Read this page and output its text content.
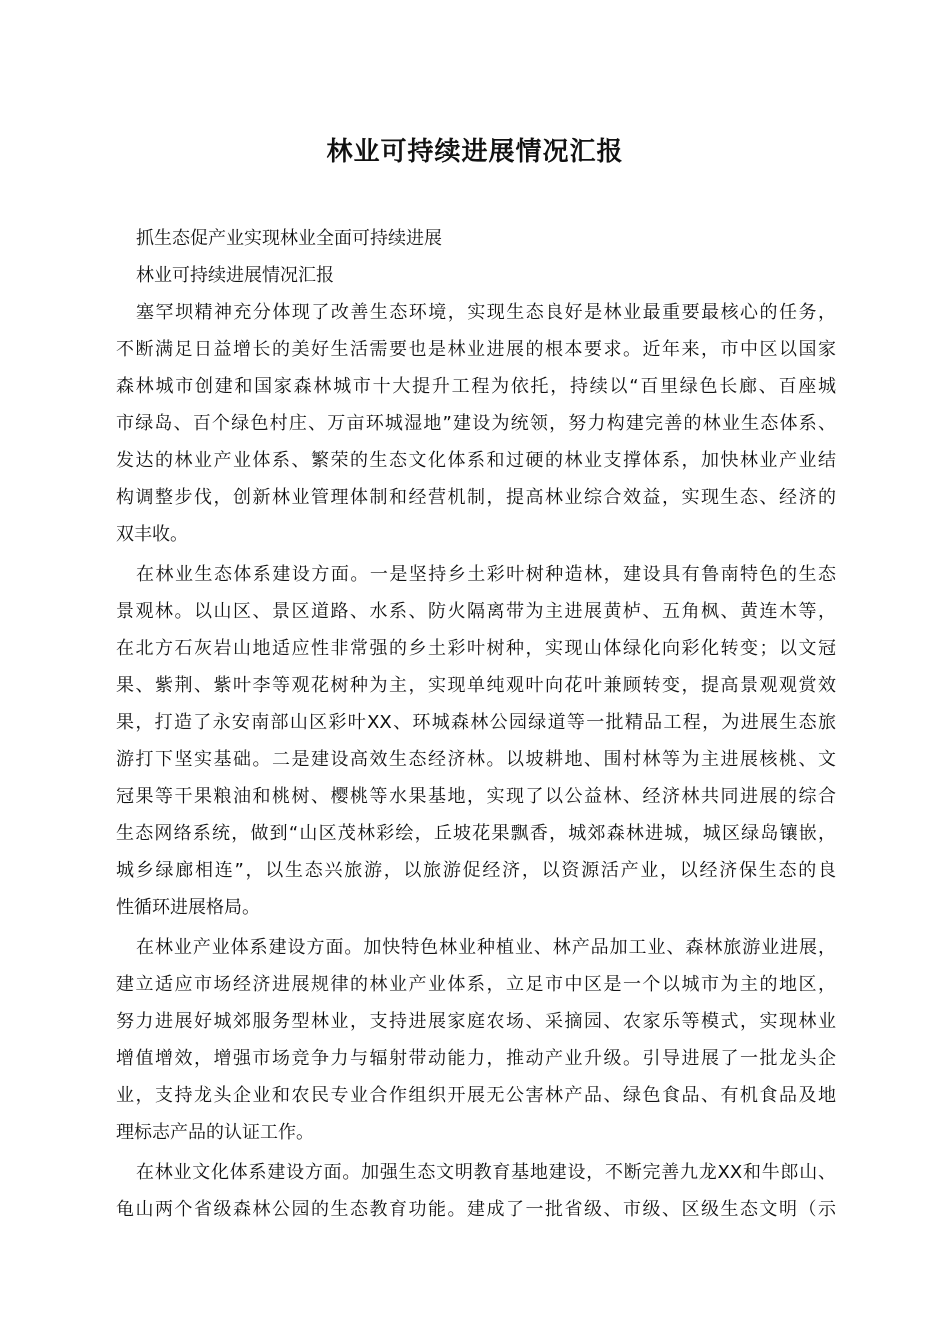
林业可持续进展情况汇报
抓生态促产业实现林业全面可持续进展
林业可持续进展情况汇报
塞罕坝精神充分体现了改善生态环境，实现生态良好是林业最重要最核心的任务，
不断满足日益增长的美好生活需要也是林业进展的根本要求。近年来，市中区以国家
森林城市创建和国家森林城市十大提升工程为依托，持续以“百里绿色长廊、百座城
市绿岛、百个绿色村庄、万亩环城湿地”建设为统领，努力构建完善的林业生态体系、
发达的林业产业体系、繁荣的生态文化体系和过硬的林业支撑体系，加快林业产业结
构调整步伐，创新林业管理体制和经营机制，提高林业综合效益，实现生态、经济的
双丰收。
在林业生态体系建设方面。一是坚持乡土彩叶树种造林，建设具有鲁南特色的生态
景观林。以山区、景区道路、水系、防火隔离带为主进展黄栌、五角枫、黄连木等，
在北方石灰岩山地适应性非常强的乡土彩叶树种，实现山体绿化向彩化转变；以文冠
果、紫荆、紫叶李等观花树种为主，实现单纯观叶向花叶兼顾转变，提高景观观赏效
果，打造了永安南部山区彩叶XX、环城森林公园绿道等一批精品工程，为进展生态旅
游打下坚实基础。二是建设高效生态经济林。以坡耕地、围村林等为主进展核桃、文
冠果等干果粮油和桃树、樱桃等水果基地，实现了以公益林、经济林共同进展的综合
生态网络系统，做到“山区茂林彩绘，丘坡花果飘香，城郊森林进城，城区绿岛镶嵌，
城乡绿廊相连”，以生态兴旅游，以旅游促经济，以资源活产业，以经济保生态的良
性循环进展格局。
在林业产业体系建设方面。加快特色林业种植业、林产品加工业、森林旅游业进展，
建立适应市场经济进展规律的林业产业体系，立足市中区是一个以城市为主的地区，
努力进展好城郊服务型林业，支持进展家庭农场、采摘园、农家乐等模式，实现林业
增值增效，增强市场竞争力与辐射带动能力，推动产业升级。引导进展了一批龙头企
业，支持龙头企业和农民专业合作组织开展无公害林产品、绿色食品、有机食品及地
理标志产品的认证工作。
在林业文化体系建设方面。加强生态文明教育基地建设，不断完善九龙XX和牛郎山、
龟山两个省级森林公园的生态教育功能。建成了一批省级、市级、区级生态文明（示
